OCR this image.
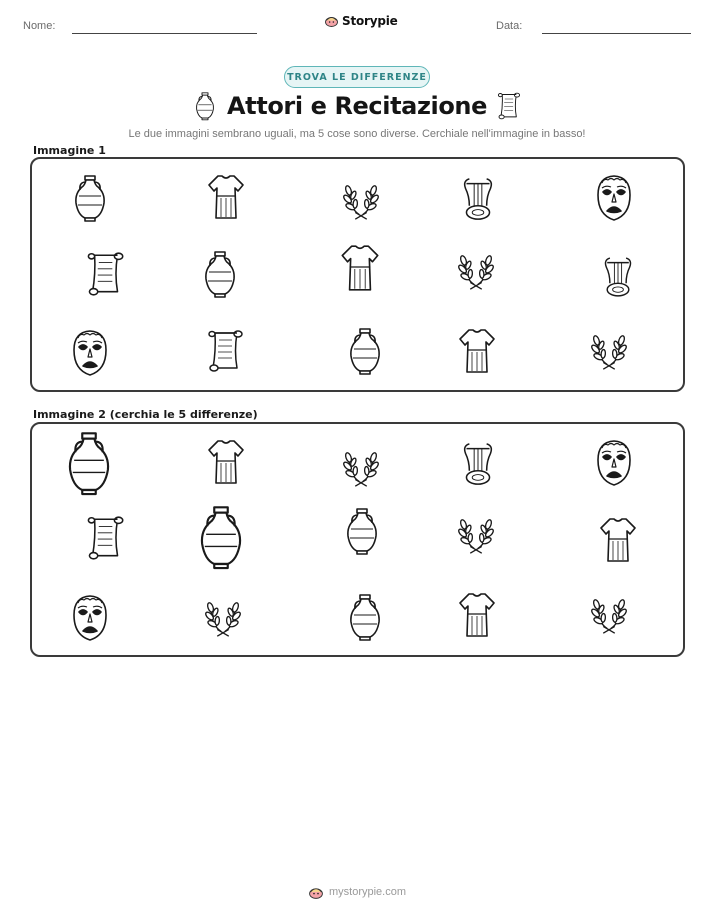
Nome:	Storypie	Data:
TROVA LE DIFFERENZE
Attori e Recitazione
Le due immagini sembrano uguali, ma 5 cose sono diverse. Cerchiale nell'immagine in basso!
Immagine 1
Immagine 2 (cerchia le 5 differenze)
mystorypie.com
